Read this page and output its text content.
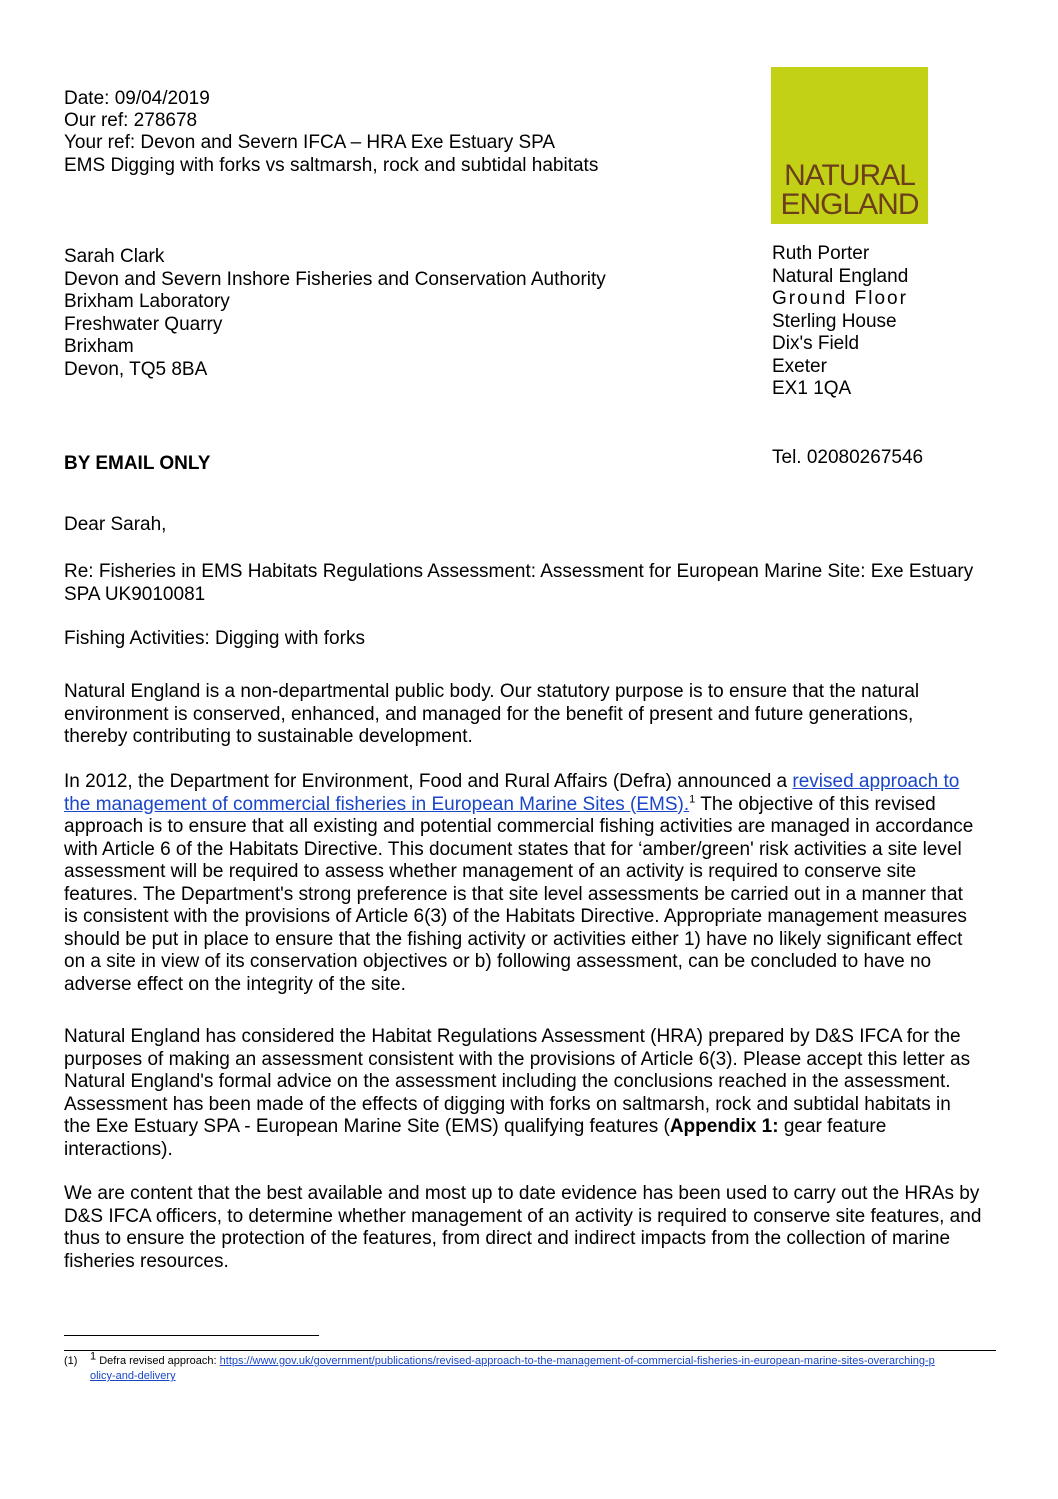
Date: 09/04/2019
Our ref: 278678
Your ref: Devon and Severn IFCA – HRA Exe Estuary SPA
EMS Digging with forks vs saltmarsh, rock and subtidal habitats	NATURAL
ENGLAND
Sarah Clark
Devon and Severn Inshore Fisheries and Conservation Authority
Brixham Laboratory
Freshwater Quarry
Brixham
Devon, TQ5 8BA
Ruth Porter
Natural England
Ground Floor
Sterling House
Dix's Field
Exeter
EX1 1QA
BY EMAIL ONLY	Tel. 02080267546
Dear Sarah,
Re: Fisheries in EMS Habitats Regulations Assessment: Assessment for European Marine Site: Exe Estuary SPA UK9010081
Fishing Activities: Digging with forks
Natural England is a non-departmental public body. Our statutory purpose is to ensure that the natural environment is conserved, enhanced, and managed for the benefit of present and future generations, thereby contributing to sustainable development.
In 2012, the Department for Environment, Food and Rural Affairs (Defra) announced a revised approach to the management of commercial fisheries in European Marine Sites (EMS).$^1$ The objective of this revised approach is to ensure that all existing and potential commercial fishing activities are managed in accordance with Article 6 of the Habitats Directive. This document states that for ‘amber/green' risk activities a site level assessment will be required to assess whether management of an activity is required to conserve site features. The Department's strong preference is that site level assessments be carried out in a manner that is consistent with the provisions of Article 6(3) of the Habitats Directive. Appropriate management measures should be put in place to ensure that the fishing activity or activities either 1) have no likely significant effect on a site in view of its conservation objectives or b) following assessment, can be concluded to have no adverse effect on the integrity of the site.
Natural England has considered the Habitat Regulations Assessment (HRA) prepared by D&S IFCA for the purposes of making an assessment consistent with the provisions of Article 6(3). Please accept this letter as Natural England's formal advice on the assessment including the conclusions reached in the assessment. Assessment has been made of the effects of digging with forks on saltmarsh, rock and subtidal habitats in the Exe Estuary SPA - European Marine Site (EMS) qualifying features (Appendix 1: gear feature interactions).
We are content that the best available and most up to date evidence has been used to carry out the HRAs by D&S IFCA officers, to determine whether management of an activity is required to conserve site features, and thus to ensure the protection of the features, from direct and indirect impacts from the collection of marine fisheries resources.
(1) $^1$ Defra revised approach: https://www.gov.uk/government/publications/revised-approach-to-the-management-of-commercial-fisheries-in-european-marine-sites-overarching-policy-and-delivery
